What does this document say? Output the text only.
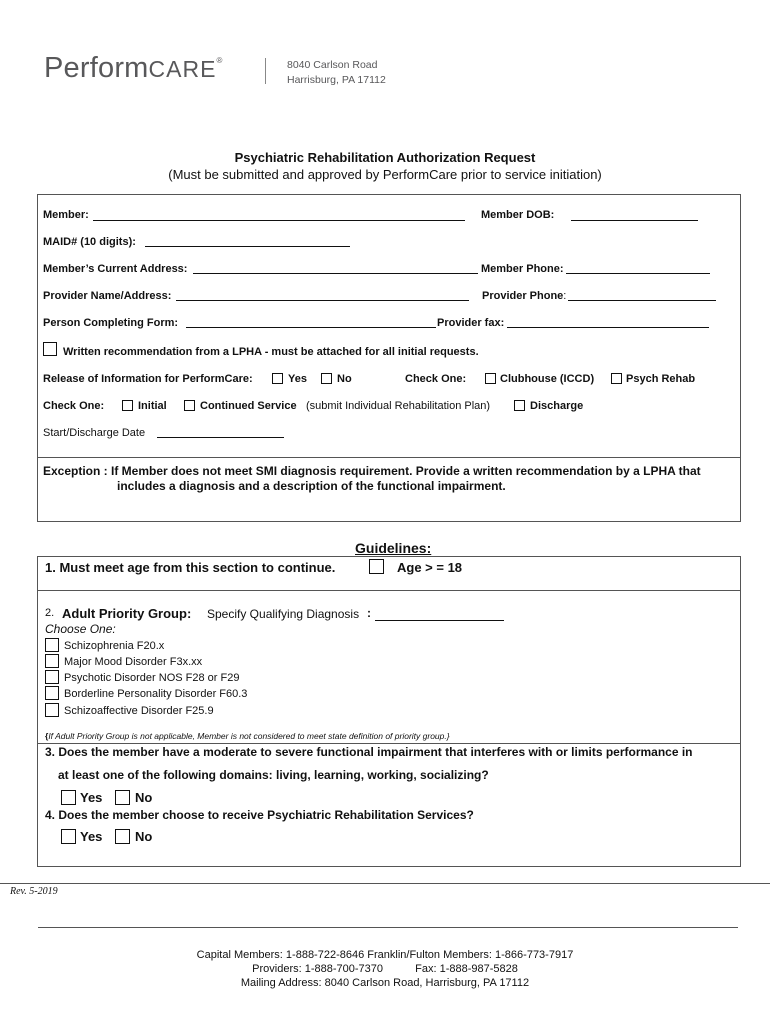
PerformCARE®	8040 Carlson Road
Harrisburg, PA 17112
Psychiatric Rehabilitation Authorization Request
(Must be submitted and approved by PerformCare prior to service initiation)
Member:	Member DOB:
MAID# (10 digits):
Member’s Current Address:	Member Phone:
Provider Name/Address:	Provider Phone:
Person Completing Form:	Provider fax:
Written recommendation from a LPHA - must be attached for all initial requests.
Release of Information for PerformCare:	Yes	No	Check One:	Clubhouse (ICCD)	Psych Rehab
Check One:	Initial	Continued Service (submit Individual Rehabilitation Plan)	Discharge
Start/Discharge Date
Exception : If Member does not meet SMI diagnosis requirement. Provide a written recommendation by a LPHA that
includes a diagnosis and a description of the functional impairment.
Guidelines:
1. Must meet age from this section to continue.	Age > = 18
2. Adult Priority Group: Specify Qualifying Diagnosis :
Choose One:
Schizophrenia F20.x
Major Mood Disorder F3x.xx
Psychotic Disorder NOS F28 or F29
Borderline Personality Disorder F60.3
Schizoaffective Disorder F25.9
{If Adult Priority Group is not applicable, Member is not considered to meet state definition of priority group.}
3. Does the member have a moderate to severe functional impairment that interferes with or limits performance in
at least one of the following domains: living, learning, working, socializing?
Yes	No
4. Does the member choose to receive Psychiatric Rehabilitation Services?
Yes	No
Rev. 5-2019
Capital Members: 1-888-722-8646 Franklin/Fulton Members: 1-866-773-7917
Providers: 1-888-700-7370	Fax: 1-888-987-5828
Mailing Address: 8040 Carlson Road, Harrisburg, PA 17112
